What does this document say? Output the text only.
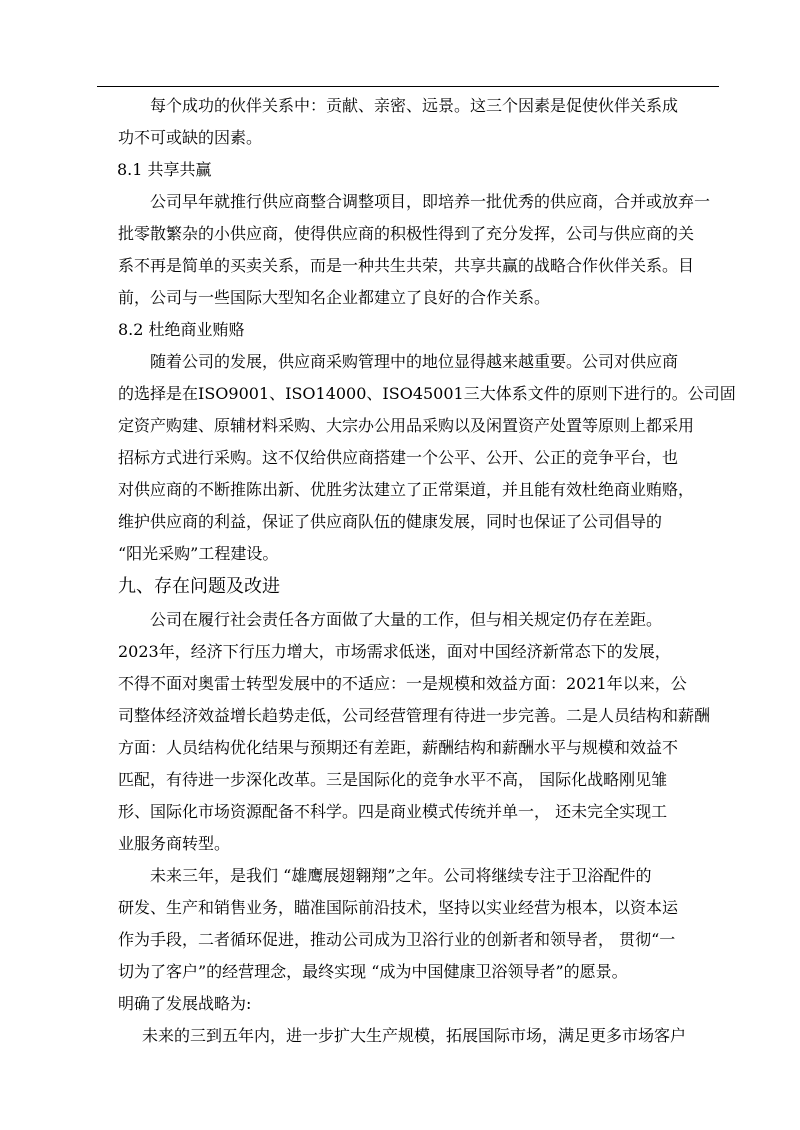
每个成功的伙伴关系中：贡献、亲密、远景。这三个因素是促使伙伴关系成
功不可或缺的因素。
8.1 共享共赢
公司早年就推行供应商整合调整项目，即培养一批优秀的供应商，合并或放弃一
批零散繁杂的小供应商，使得供应商的积极性得到了充分发挥，公司与供应商的关
系不再是简单的买卖关系，而是一种共生共荣，共享共赢的战略合作伙伴关系。目
前，公司与一些国际大型知名企业都建立了良好的合作关系。
8.2 杜绝商业贿赂
随着公司的发展，供应商采购管理中的地位显得越来越重要。公司对供应商
的选择是在ISO9001、ISO14000、ISO45001三大体系文件的原则下进行的。公司固
定资产购建、原辅材料采购、大宗办公用品采购以及闲置资产处置等原则上都采用
招标方式进行采购。这不仅给供应商搭建一个公平、公开、公正的竞争平台，也
对供应商的不断推陈出新、优胜劣汰建立了正常渠道，并且能有效杜绝商业贿赂，
维护供应商的利益，保证了供应商队伍的健康发展，同时也保证了公司倡导的
“阳光采购”工程建设。
九、存在问题及改进
公司在履行社会责任各方面做了大量的工作，但与相关规定仍存在差距。
2023年，经济下行压力增大，市场需求低迷，面对中国经济新常态下的发展，
不得不面对奥雷士转型发展中的不适应：一是规模和效益方面：2021年以来，公
司整体经济效益增长趋势走低，公司经营管理有待进一步完善。二是人员结构和薪酬
方面：人员结构优化结果与预期还有差距，薪酬结构和薪酬水平与规模和效益不
匹配，有待进一步深化改革。三是国际化的竞争水平不高， 国际化战略刚见雏
形、国际化市场资源配备不科学。四是商业模式传统并单一， 还未完全实现工
业服务商转型。
未来三年，是我们 “雄鹰展翅翱翔”之年。公司将继续专注于卫浴配件的
研发、生产和销售业务，瞄准国际前沿技术，坚持以实业经营为根本，以资本运
作为手段，二者循环促进，推动公司成为卫浴行业的创新者和领导者， 贯彻“一
切为了客户”的经营理念，最终实现 “成为中国健康卫浴领导者”的愿景。
明确了发展战略为:
未来的三到五年内，进一步扩大生产规模，拓展国际市场，满足更多市场客户
